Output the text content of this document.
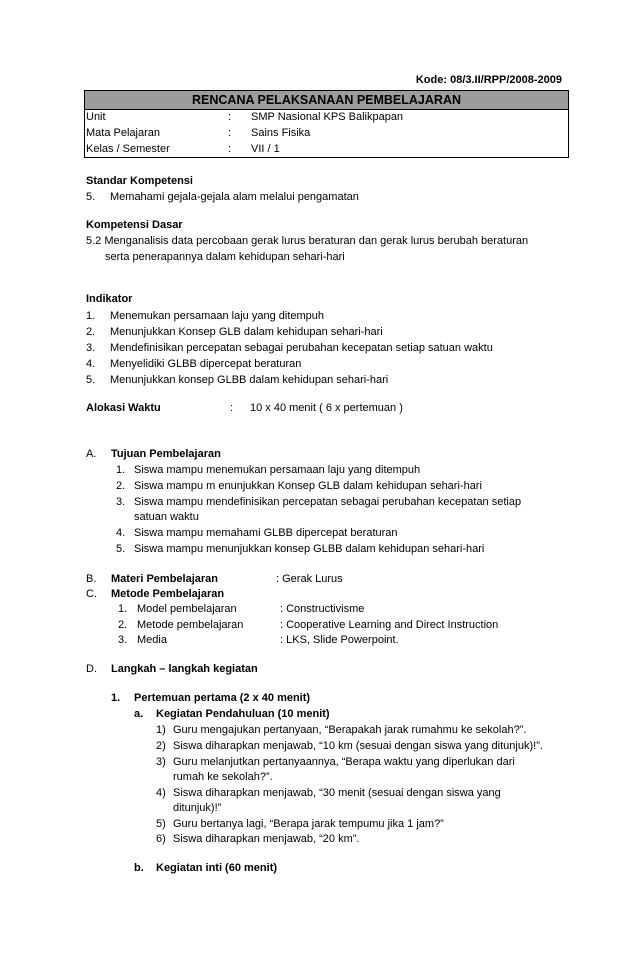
Kode: 08/3.II/RPP/2008-2009
RENCANA PELAKSANAAN PEMBELAJARAN
Unit	: SMP Nasional KPS Balikpapan
Mata Pelajaran	: Sains Fisika
Kelas / Semester	: VII / 1
Standar Kompetensi
5. Memahami gejala-gejala alam melalui pengamatan
Kompetensi Dasar
5.2 Menganalisis data percobaan gerak lurus beraturan dan gerak lurus berubah beraturan
serta penerapannya dalam kehidupan sehari-hari
Indikator
1. Menemukan persamaan laju yang ditempuh
2. Menunjukkan Konsep GLB dalam kehidupan sehari-hari
3. Mendefinisikan percepatan sebagai perubahan kecepatan setiap satuan waktu
4. Menyelidiki GLBB dipercepat beraturan
5. Menunjukkan konsep GLBB dalam kehidupan sehari-hari
Alokasi Waktu	: 10 x 40 menit ( 6 x pertemuan )
A. Tujuan Pembelajaran
1. Siswa mampu menemukan persamaan laju yang ditempuh
2. Siswa mampu m enunjukkan Konsep GLB dalam kehidupan sehari-hari
3. Siswa mampu mendefinisikan percepatan sebagai perubahan kecepatan setiap
satuan waktu
4. Siswa mampu memahami GLBB dipercepat beraturan
5. Siswa mampu menunjukkan konsep GLBB dalam kehidupan sehari-hari
B. Materi Pembelajaran	: Gerak Lurus
C. Metode Pembelajaran
1. Model pembelajaran	: Constructivisme
2. Metode pembelajaran	: Cooperative Learning and Direct Instruction
3. Media	: LKS, Slide Powerpoint.
D. Langkah – langkah kegiatan
1. Pertemuan pertama (2 x 40 menit)
a. Kegiatan Pendahuluan (10 menit)
1) Guru mengajukan pertanyaan, “Berapakah jarak rumahmu ke sekolah?”.
2) Siswa diharapkan menjawab, “10 km (sesuai dengan siswa yang ditunjuk)!”.
3) Guru melanjutkan pertanyaannya, “Berapa waktu yang diperlukan dari
rumah ke sekolah?”.
4) Siswa diharapkan menjawab, “30 menit (sesuai dengan siswa yang
ditunjuk)!”
5) Guru bertanya lagi, “Berapa jarak tempumu jika 1 jam?”
6) Siswa diharapkan menjawab, “20 km”.
b. Kegiatan inti (60 menit)
